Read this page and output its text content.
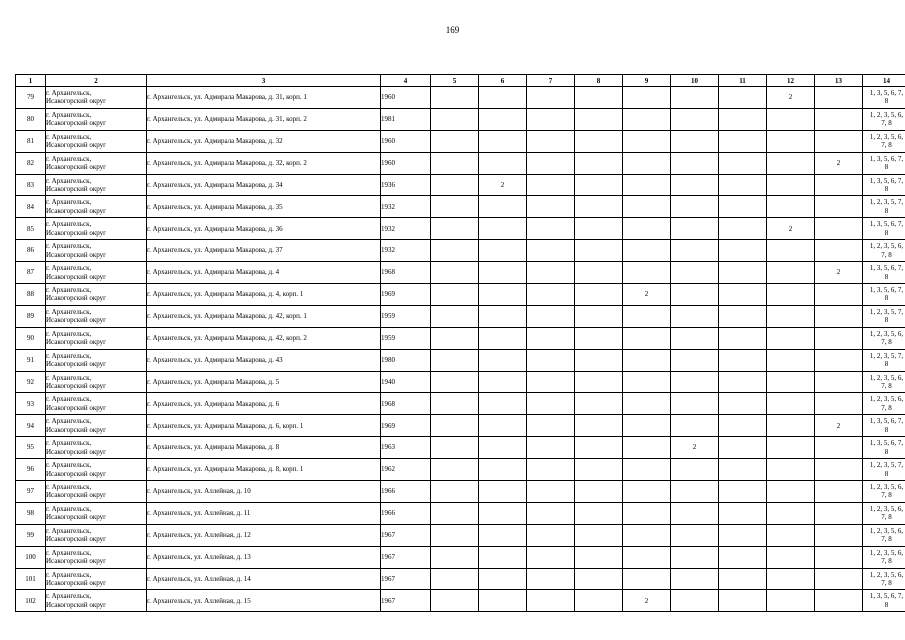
169
1	2	3	4	5	6	7	8	9	10	11	12	13	14
79	г. Архангельск,
Исакогорский округ	г. Архангельск, ул. Адмирала Макарова, д. 31, корп. 1	1960								2		1, 3, 5, 6, 7,
8
80	г. Архангельск,
Исакогорский округ	г. Архангельск, ул. Адмирала Макарова, д. 31, корп. 2	1981										1, 2, 3, 5, 6,
7, 8
81	г. Архангельск,
Исакогорский округ	г. Архангельск, ул. Адмирала Макарова, д. 32	1960										1, 2, 3, 5, 6,
7, 8
82	г. Архангельск,
Исакогорский округ	г. Архангельск, ул. Адмирала Макарова, д. 32, корп. 2	1960									2	1, 3, 5, 6, 7,
8
83	г. Архангельск,
Исакогорский округ	г. Архангельск, ул. Адмирала Макарова, д. 34	1936		2								1, 3, 5, 6, 7,
8
84	г. Архангельск,
Исакогорский округ	г. Архангельск, ул. Адмирала Макарова, д. 35	1932										1, 2, 3, 5, 7,
8
85	г. Архангельск,
Исакогорский округ	г. Архангельск, ул. Адмирала Макарова, д. 36	1932								2		1, 3, 5, 6, 7,
8
86	г. Архангельск,
Исакогорский округ	г. Архангельск, ул. Адмирала Макарова, д. 37	1932										1, 2, 3, 5, 6,
7, 8
87	г. Архангельск,
Исакогорский округ	г. Архангельск, ул. Адмирала Макарова, д. 4	1968									2	1, 3, 5, 6, 7,
8
88	г. Архангельск,
Исакогорский округ	г. Архангельск, ул. Адмирала Макарова, д. 4, корп. 1	1969					2					1, 3, 5, 6, 7,
8
89	г. Архангельск,
Исакогорский округ	г. Архангельск, ул. Адмирала Макарова, д. 42, корп. 1	1959										1, 2, 3, 5, 7,
8
90	г. Архангельск,
Исакогорский округ	г. Архангельск, ул. Адмирала Макарова, д. 42, корп. 2	1959										1, 2, 3, 5, 6,
7, 8
91	г. Архангельск,
Исакогорский округ	г. Архангельск, ул. Адмирала Макарова, д. 43	1980										1, 2, 3, 5, 7,
8
92	г. Архангельск,
Исакогорский округ	г. Архангельск, ул. Адмирала Макарова, д. 5	1940										1, 2, 3, 5, 6,
7, 8
93	г. Архангельск,
Исакогорский округ	г. Архангельск, ул. Адмирала Макарова, д. 6	1968										1, 2, 3, 5, 6,
7, 8
94	г. Архангельск,
Исакогорский округ	г. Архангельск, ул. Адмирала Макарова, д. 6, корп. 1	1969									2	1, 3, 5, 6, 7,
8
95	г. Архангельск,
Исакогорский округ	г. Архангельск, ул. Адмирала Макарова, д. 8	1963						2				1, 3, 5, 6, 7,
8
96	г. Архангельск,
Исакогорский округ	г. Архангельск, ул. Адмирала Макарова, д. 8, корп. 1	1962										1, 2, 3, 5, 7,
8
97	г. Архангельск,
Исакогорский округ	г. Архангельск, ул. Аллейная, д. 10	1966										1, 2, 3, 5, 6,
7, 8
98	г. Архангельск,
Исакогорский округ	г. Архангельск, ул. Аллейная, д. 11	1966										1, 2, 3, 5, 6,
7, 8
99	г. Архангельск,
Исакогорский округ	г. Архангельск, ул. Аллейная, д. 12	1967										1, 2, 3, 5, 6,
7, 8
100	г. Архангельск,
Исакогорский округ	г. Архангельск, ул. Аллейная, д. 13	1967										1, 2, 3, 5, 6,
7, 8
101	г. Архангельск,
Исакогорский округ	г. Архангельск, ул. Аллейная, д. 14	1967										1, 2, 3, 5, 6,
7, 8
102	г. Архангельск,
Исакогорский округ	г. Архангельск, ул. Аллейная, д. 15	1967					2					1, 3, 5, 6, 7,
8
